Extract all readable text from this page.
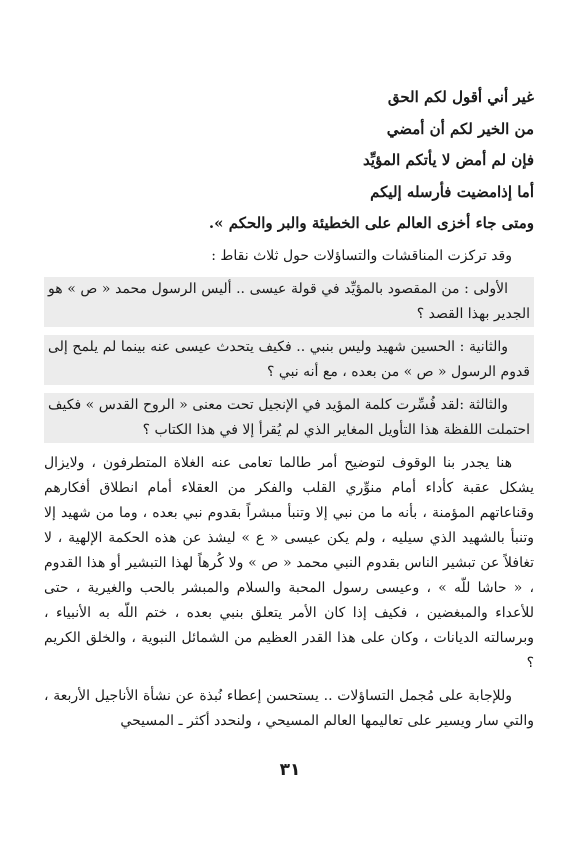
غير أني أقول لكم الحق
من الخير لكم أن أمضي
فإن لم أمض لا يأتكم المؤيِّد
أما إذامضيت فأرسله إليكم
ومتى جاء أخزى العالم على الخطيئة والبر والحكم ».
وقد تركزت المناقشات والتساؤلات حول ثلاث نقاط :
الأولى : من المقصود بالمؤيِّد في قولة عيسى .. أليس الرسول محمد « ص » هو الجدير بهذا القصد ؟
والثانية : الحسين شهيد وليس بنبي .. فكيف يتحدث عيسى عنه بينما لم يلمح إلى قدوم الرسول « ص » من بعده ، مع أنه نبي ؟
والثالثة :لقد فُسِّرت كلمة المؤيد في الإنجيل تحت معنى « الروح القدس » فكيف احتملت اللفظة هذا التأويل المغاير الذي لم يُقرأ إلا في هذا الكتاب ؟
هنا يجدر بنا الوقوف لتوضيح أمر طالما تعامى عنه الغلاة المتطرفون ، ولايزال يشكل عقبة كأداء أمام منوِّري القلب والفكر من العقلاء أمام انطلاق أفكارهم وقناعاتهم المؤمنة ، بأنه ما من نبي إلا وتنبأ مبشراً بقدوم نبي بعده ، وما من شهيد إلا وتنبأ بالشهيد الذي سيليه ، ولم يكن عيسى « ع » ليشذ عن هذه الحكمة الإلهية ، لا تغافلاً عن تبشير الناس بقدوم النبي محمد « ص » ولا كُرهاً لهذا التبشير أو هذا القدوم ، « حاشا للّه » ، وعيسى رسول المحبة والسلام والمبشر بالحب والغيرية ، حتى للأعداء والمبغضين ، فكيف إذا كان الأمر يتعلق بنبي بعده ، ختم اللّه به الأنبياء ، وبرسالته الديانات ، وكان على هذا القدر العظيم من الشمائل النبوية ، والخلق الكريم ؟
وللإجابة على مُجمل التساؤلات .. يستحسن إعطاء نُبذة عن نشأة الأناجيل الأربعة ، والتي سار ويسير على تعاليمها العالم المسيحي ، ولنحدد أكثر ـ المسيحي
٣١
